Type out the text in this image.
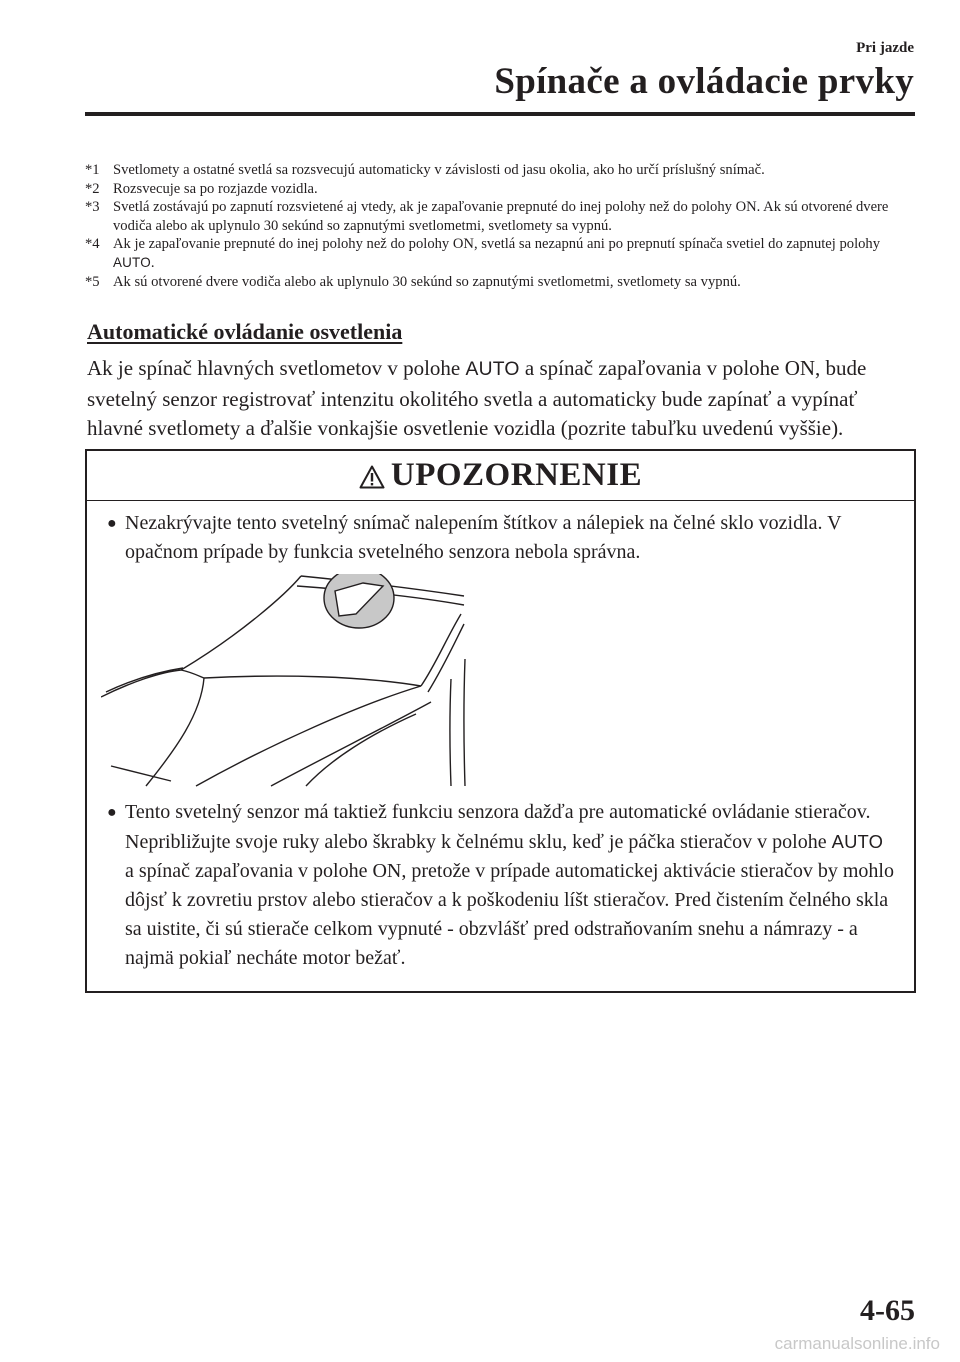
Pri jazde
Spínače a ovládacie prvky
*1 Svetlomety a ostatné svetlá sa rozsvecujú automaticky v závislosti od jasu okolia, ako ho určí príslušný snímač.
*2 Rozsvecuje sa po rozjazde vozidla.
*3 Svetlá zostávajú po zapnutí rozsvietené aj vtedy, ak je zapaľovanie prepnuté do inej polohy než do polohy ON. Ak sú otvorené dvere vodiča alebo ak uplynulo 30 sekúnd so zapnutými svetlometmi, svetlomety sa vypnú.
*4 Ak je zapaľovanie prepnuté do inej polohy než do polohy ON, svetlá sa nezapnú ani po prepnutí spínača svetiel do zapnutej polohy AUTO.
*5 Ak sú otvorené dvere vodiča alebo ak uplynulo 30 sekúnd so zapnutými svetlometmi, svetlomety sa vypnú.
Automatické ovládanie osvetlenia
Ak je spínač hlavných svetlometov v polohe AUTO a spínač zapaľovania v polohe ON, bude svetelný senzor registrovať intenzitu okolitého svetla a automaticky bude zapínať a vypínať hlavné svetlomety a ďalšie vonkajšie osvetlenie vozidla (pozrite tabuľku uvedenú vyššie).
UPOZORNENIE
● Nezakrývajte tento svetelný snímač nalepením štítkov a nálepiek na čelné sklo vozidla. V opačnom prípade by funkcia svetelného senzora nebola správna.
● Tento svetelný senzor má taktiež funkciu senzora dažďa pre automatické ovládanie stieračov. Nepribližujte svoje ruky alebo škrabky k čelnému sklu, keď je páčka stieračov v polohe AUTO a spínač zapaľovania v polohe ON, pretože v prípade automatickej aktivácie stieračov by mohlo dôjsť k zovretiu prstov alebo stieračov a k poškodeniu líšt stieračov. Pred čistením čelného skla sa uistite, či sú stierače celkom vypnuté - obzvlášť pred odstraňovaním snehu a námrazy - a najmä pokiaľ necháte motor bežať.
4-65
carmanualsonline.info
